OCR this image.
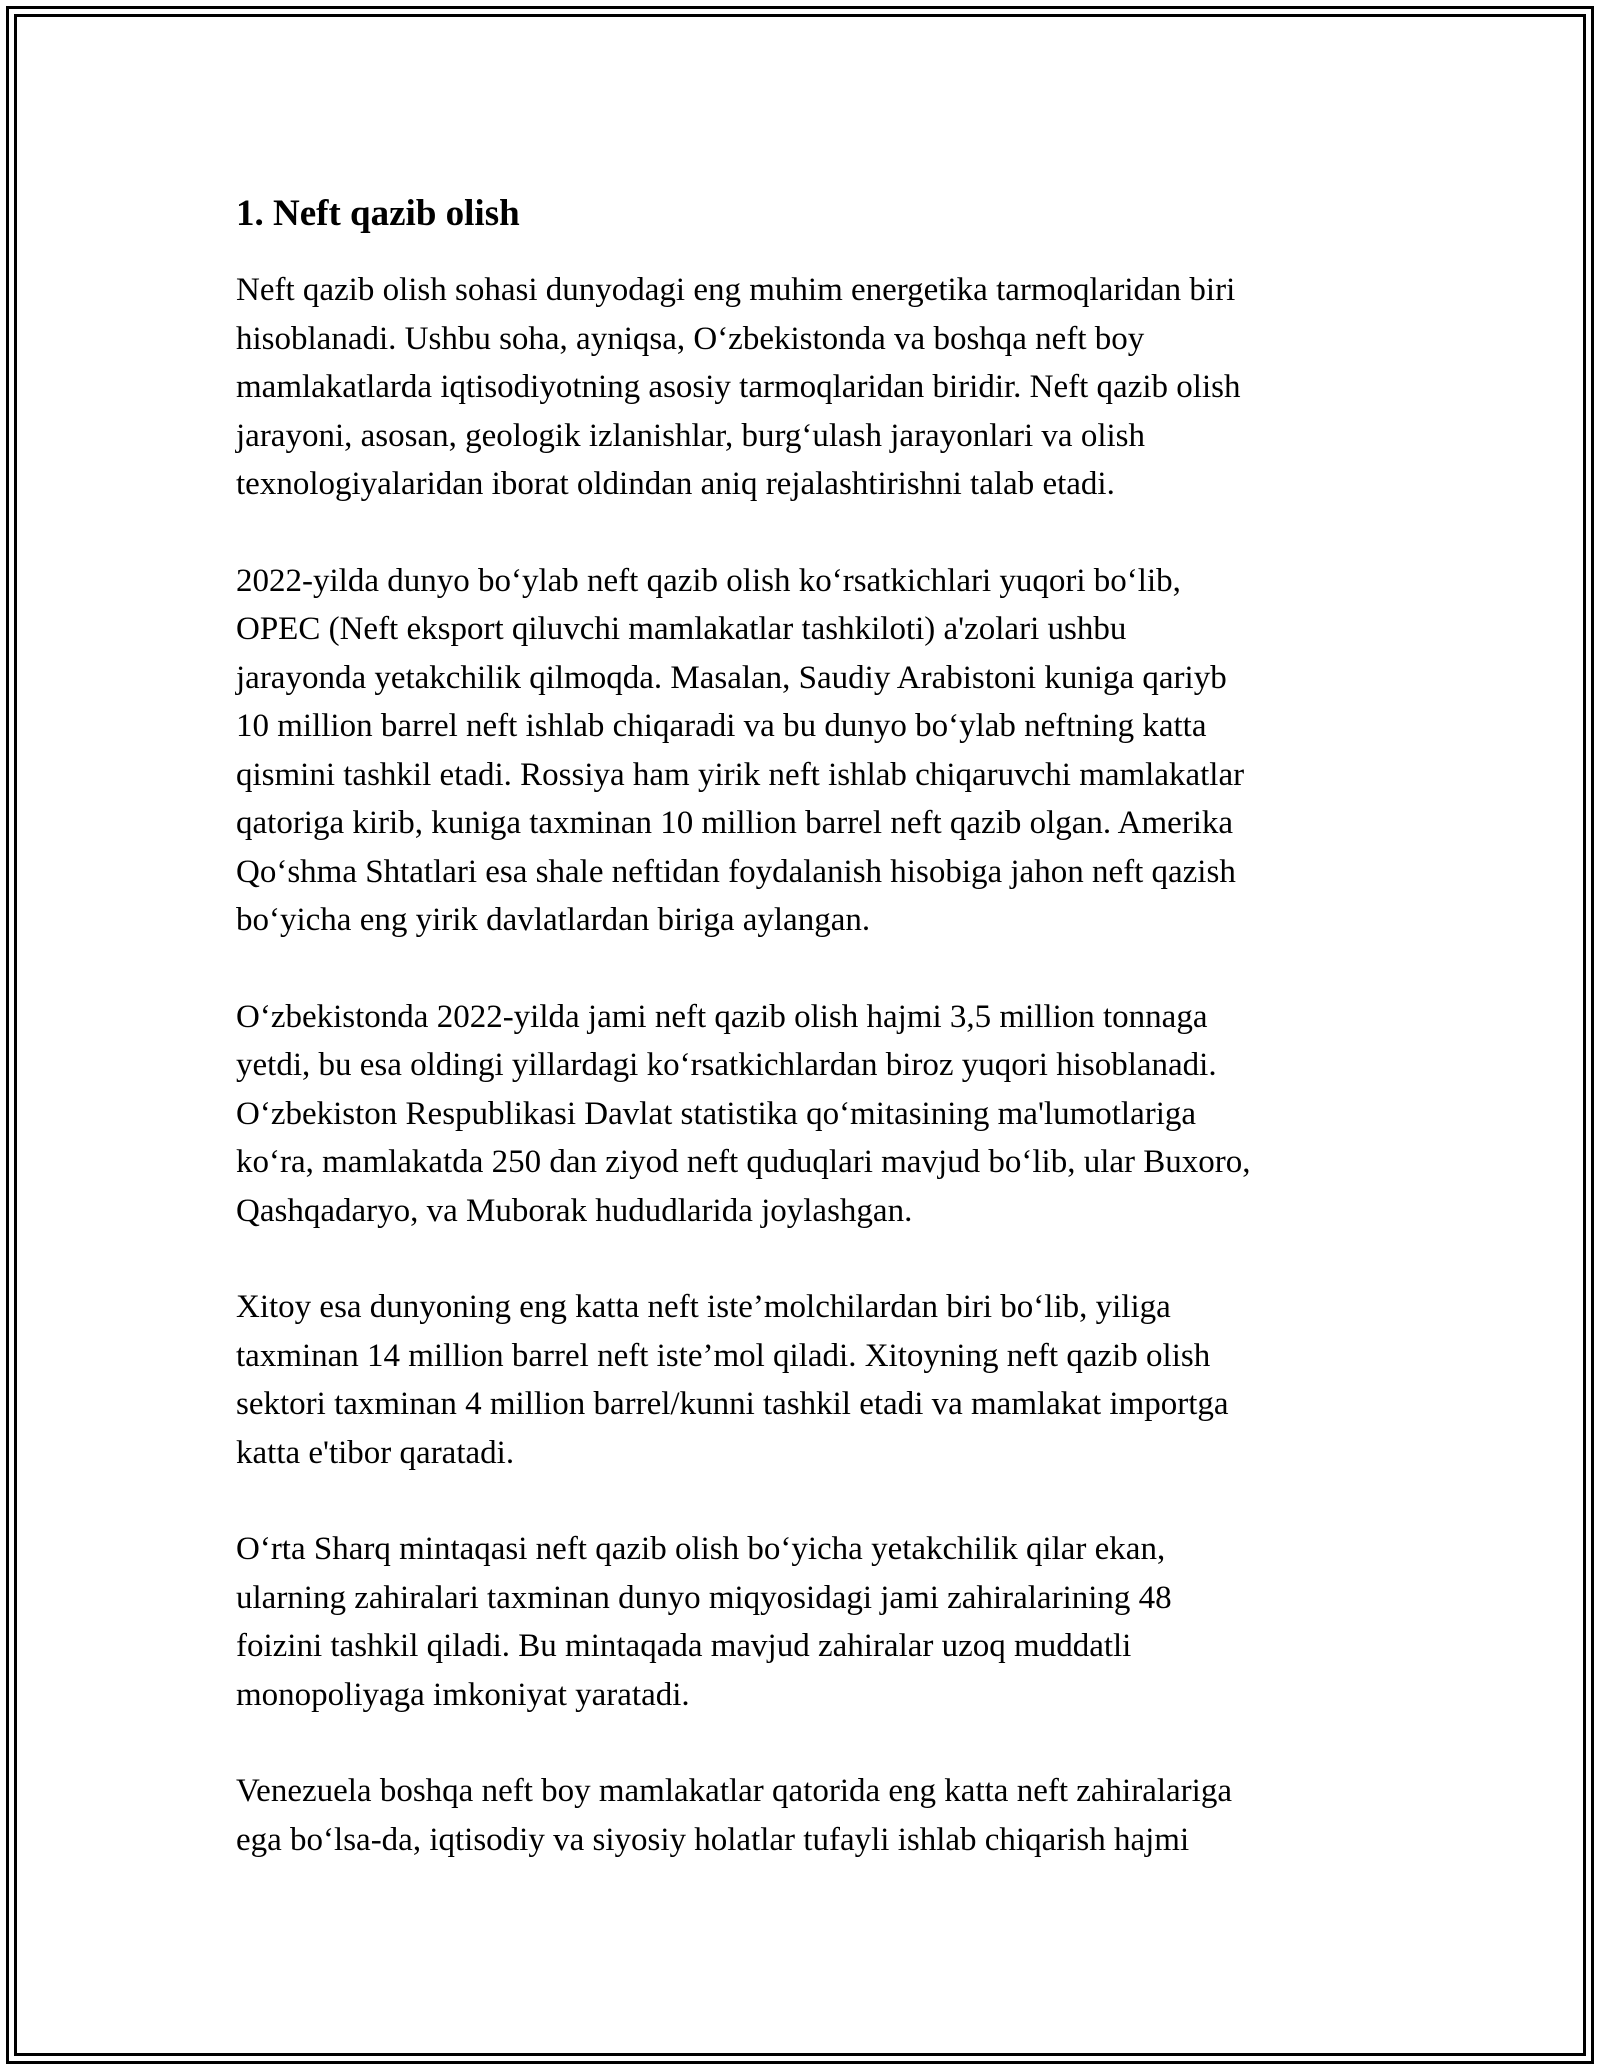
1. Neft qazib olish

Neft qazib olish sohasi dunyodagi eng muhim energetika tarmoqlaridan biri
hisoblanadi. Ushbu soha, ayniqsa, O‘zbekistonda va boshqa neft boy
mamlakatlarda iqtisodiyotning asosiy tarmoqlaridan biridir. Neft qazib olish
jarayoni, asosan, geologik izlanishlar, burg‘ulash jarayonlari va olish
texnologiyalaridan iborat oldindan aniq rejalashtirishni talab etadi.

2022-yilda dunyo bo‘ylab neft qazib olish ko‘rsatkichlari yuqori bo‘lib,
OPEC (Neft eksport qiluvchi mamlakatlar tashkiloti) a'zolari ushbu
jarayonda yetakchilik qilmoqda. Masalan, Saudiy Arabistoni kuniga qariyb
10 million barrel neft ishlab chiqaradi va bu dunyo bo‘ylab neftning katta
qismini tashkil etadi. Rossiya ham yirik neft ishlab chiqaruvchi mamlakatlar
qatoriga kirib, kuniga taxminan 10 million barrel neft qazib olgan. Amerika
Qo‘shma Shtatlari esa shale neftidan foydalanish hisobiga jahon neft qazish
bo‘yicha eng yirik davlatlardan biriga aylangan.

O‘zbekistonda 2022-yilda jami neft qazib olish hajmi 3,5 million tonnaga
yetdi, bu esa oldingi yillardagi ko‘rsatkichlardan biroz yuqori hisoblanadi.
O‘zbekiston Respublikasi Davlat statistika qo‘mitasining ma'lumotlariga
ko‘ra, mamlakatda 250 dan ziyod neft quduqlari mavjud bo‘lib, ular Buxoro,
Qashqadaryo, va Muborak hududlarida joylashgan.

Xitoy esa dunyoning eng katta neft iste’molchilardan biri bo‘lib, yiliga
taxminan 14 million barrel neft iste’mol qiladi. Xitoyning neft qazib olish
sektori taxminan 4 million barrel/kunni tashkil etadi va mamlakat importga
katta e'tibor qaratadi.

O‘rta Sharq mintaqasi neft qazib olish bo‘yicha yetakchilik qilar ekan,
ularning zahiralari taxminan dunyo miqyosidagi jami zahiralarining 48
foizini tashkil qiladi. Bu mintaqada mavjud zahiralar uzoq muddatli
monopoliyaga imkoniyat yaratadi.

Venezuela boshqa neft boy mamlakatlar qatorida eng katta neft zahiralariga
ega bo‘lsa-da, iqtisodiy va siyosiy holatlar tufayli ishlab chiqarish hajmi
